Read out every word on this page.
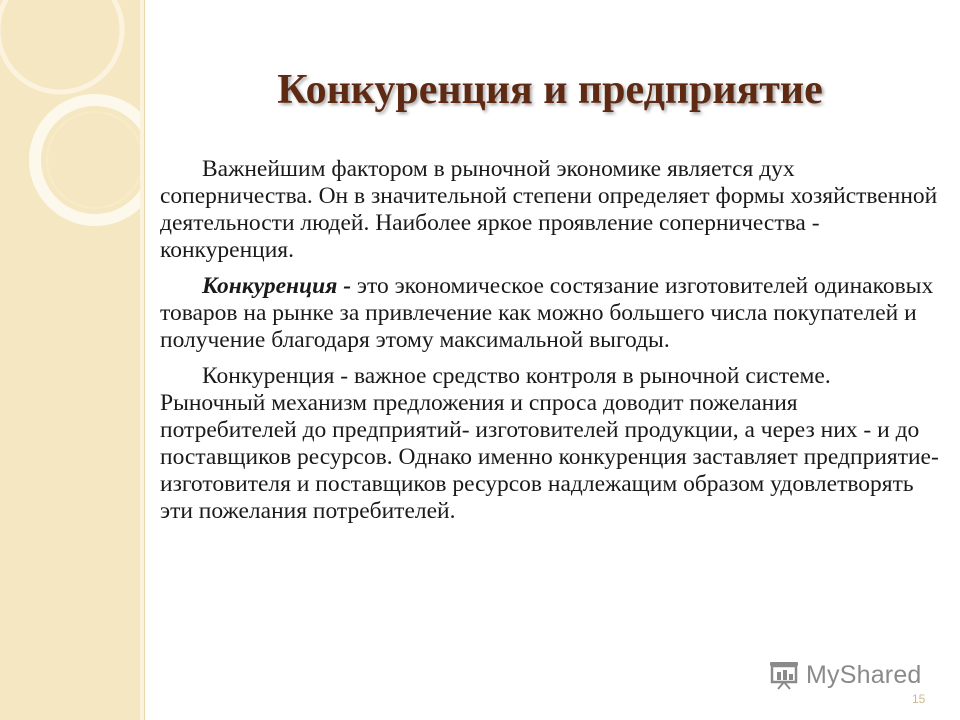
Конкуренция и предприятие

Важнейшим фактором в рыночной экономике является дух соперничества. Он в значительной степени определяет формы хозяйственной деятельности людей. Наиболее яркое проявление соперничества - конкуренция.

Конкуренция - это экономическое состязание изготовителей одинаковых товаров на рынке за привлечение как можно большего числа покупателей и получение благодаря этому максимальной выгоды.

Конкуренция - важное средство контроля в рыночной системе. Рыночный механизм предложения и спроса доводит пожелания потребителей до предприятий- изготовителей продукции, а через них - и до поставщиков ресурсов. Однако именно конкуренция заставляет предприятие-изготовителя и поставщиков ресурсов надлежащим образом удовлетворять эти пожелания потребителей.

MyShared
15
